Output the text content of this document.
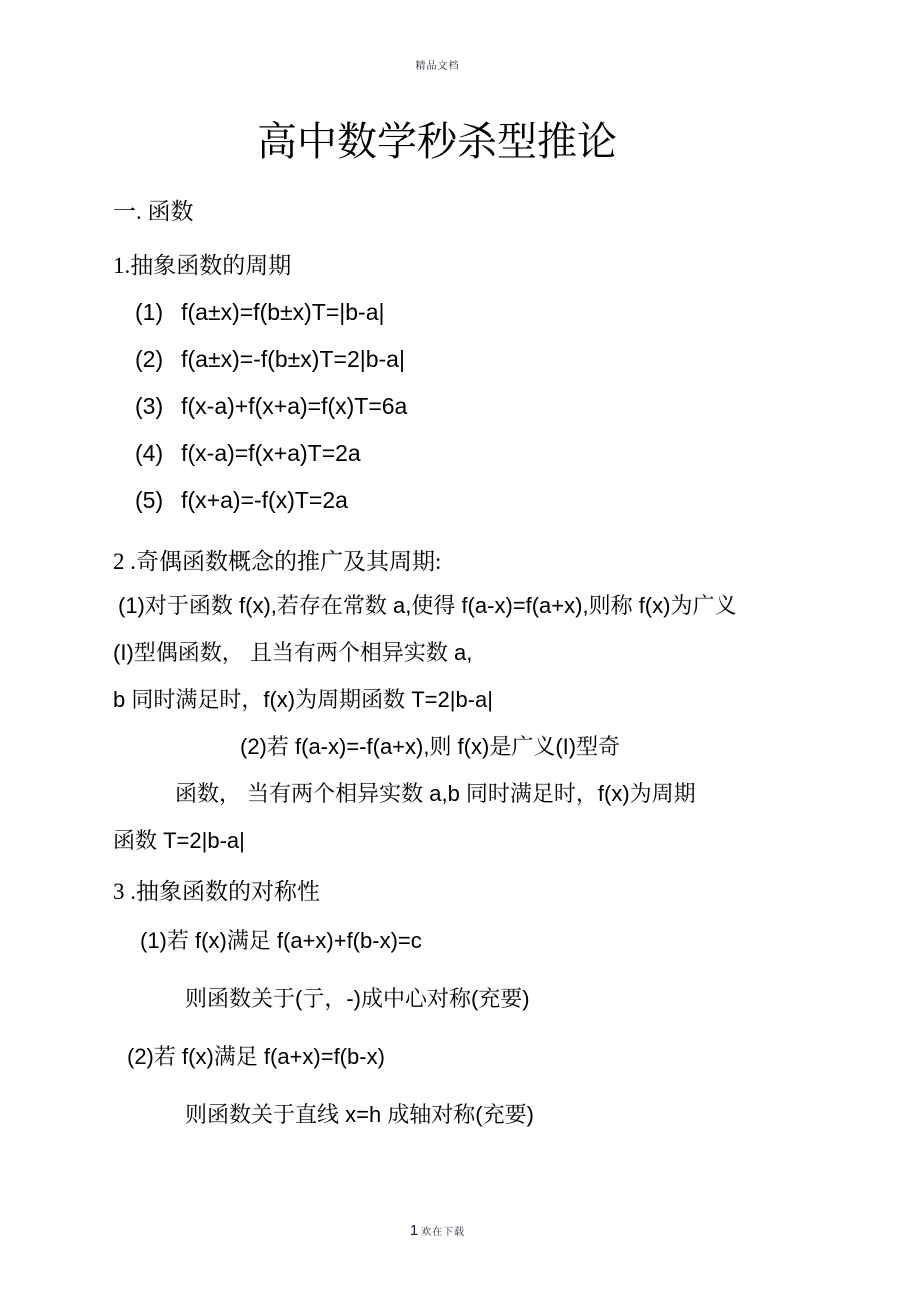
精品文档
高中数学秒杀型推论
一. 函数
1.抽象函数的周期
(1) f(a±x)=f(b±x)T=|b-a|
(2) f(a±x)=-f(b±x)T=2|b-a|
(3) f(x-a)+f(x+a)=f(x)T=6a
(4) f(x-a)=f(x+a)T=2a
(5) f(x+a)=-f(x)T=2a
2 .奇偶函数概念的推广及其周期:
(1)对于函数 f(x),若存在常数 a,使得 f(a-x)=f(a+x),则称 f(x)为广义
(I)型偶函数， 且当有两个相异实数 a,
b 同时满足时，f(x)为周期函数 T=2|b-a|
(2)若 f(a-x)=-f(a+x),则 f(x)是广义(I)型奇
函数， 当有两个相异实数 a,b 同时满足时，f(x)为周期
函数 T=2|b-a|
3 .抽象函数的对称性
(1)若 f(x)满足 f(a+x)+f(b-x)=c
则函数关于(亍，-)成中心对称(充要)
(2)若 f(x)满足 f(a+x)=f(b-x)
则函数关于直线 x=h 成轴对称(充要)
1 欢在下载
